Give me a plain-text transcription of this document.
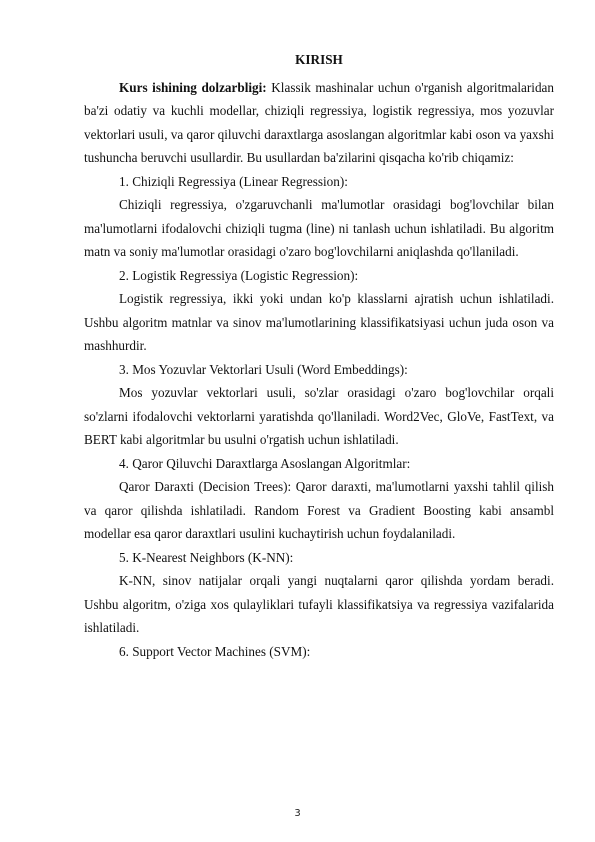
KIRISH

Kurs ishining dolzarbligi: Klassik mashinalar uchun o'rganish algoritmalaridan ba'zi odatiy va kuchli modellar, chiziqli regressiya, logistik regressiya, mos yozuvlar vektorlari usuli, va qaror qiluvchi daraxtlarga asoslangan algoritmlar kabi oson va yaxshi tushuncha beruvchi usullardir. Bu usullardan ba'zilarini qisqacha ko'rib chiqamiz:

1. Chiziqli Regressiya (Linear Regression):

Chiziqli regressiya, o'zgaruvchanli ma'lumotlar orasidagi bog'lovchilar bilan ma'lumotlarni ifodalovchi chiziqli tugma (line) ni tanlash uchun ishlatiladi. Bu algoritm matn va soniy ma'lumotlar orasidagi o'zaro bog'lovchilarni aniqlashda qo'llaniladi.

2. Logistik Regressiya (Logistic Regression):

Logistik regressiya, ikki yoki undan ko'p klasslarni ajratish uchun ishlatiladi. Ushbu algoritm matnlar va sinov ma'lumotlarining klassifikatsiyasi uchun juda oson va mashhurdir.

3. Mos Yozuvlar Vektorlari Usuli (Word Embeddings):

Mos yozuvlar vektorlari usuli, so'zlar orasidagi o'zaro bog'lovchilar orqali so'zlarni ifodalovchi vektorlarni yaratishda qo'llaniladi. Word2Vec, GloVe, FastText, va BERT kabi algoritmlar bu usulni o'rgatish uchun ishlatiladi.

4. Qaror Qiluvchi Daraxtlarga Asoslangan Algoritmlar:

Qaror Daraxti (Decision Trees): Qaror daraxti, ma'lumotlarni yaxshi tahlil qilish va qaror qilishda ishlatiladi. Random Forest va Gradient Boosting kabi ansambl modellar esa qaror daraxtlari usulini kuchaytirish uchun foydalaniladi.

5. K-Nearest Neighbors (K-NN):

K-NN, sinov natijalar orqali yangi nuqtalarni qaror qilishda yordam beradi. Ushbu algoritm, o'ziga xos qulayliklari tufayli klassifikatsiya va regressiya vazifalarida ishlatiladi.

6. Support Vector Machines (SVM):

3
